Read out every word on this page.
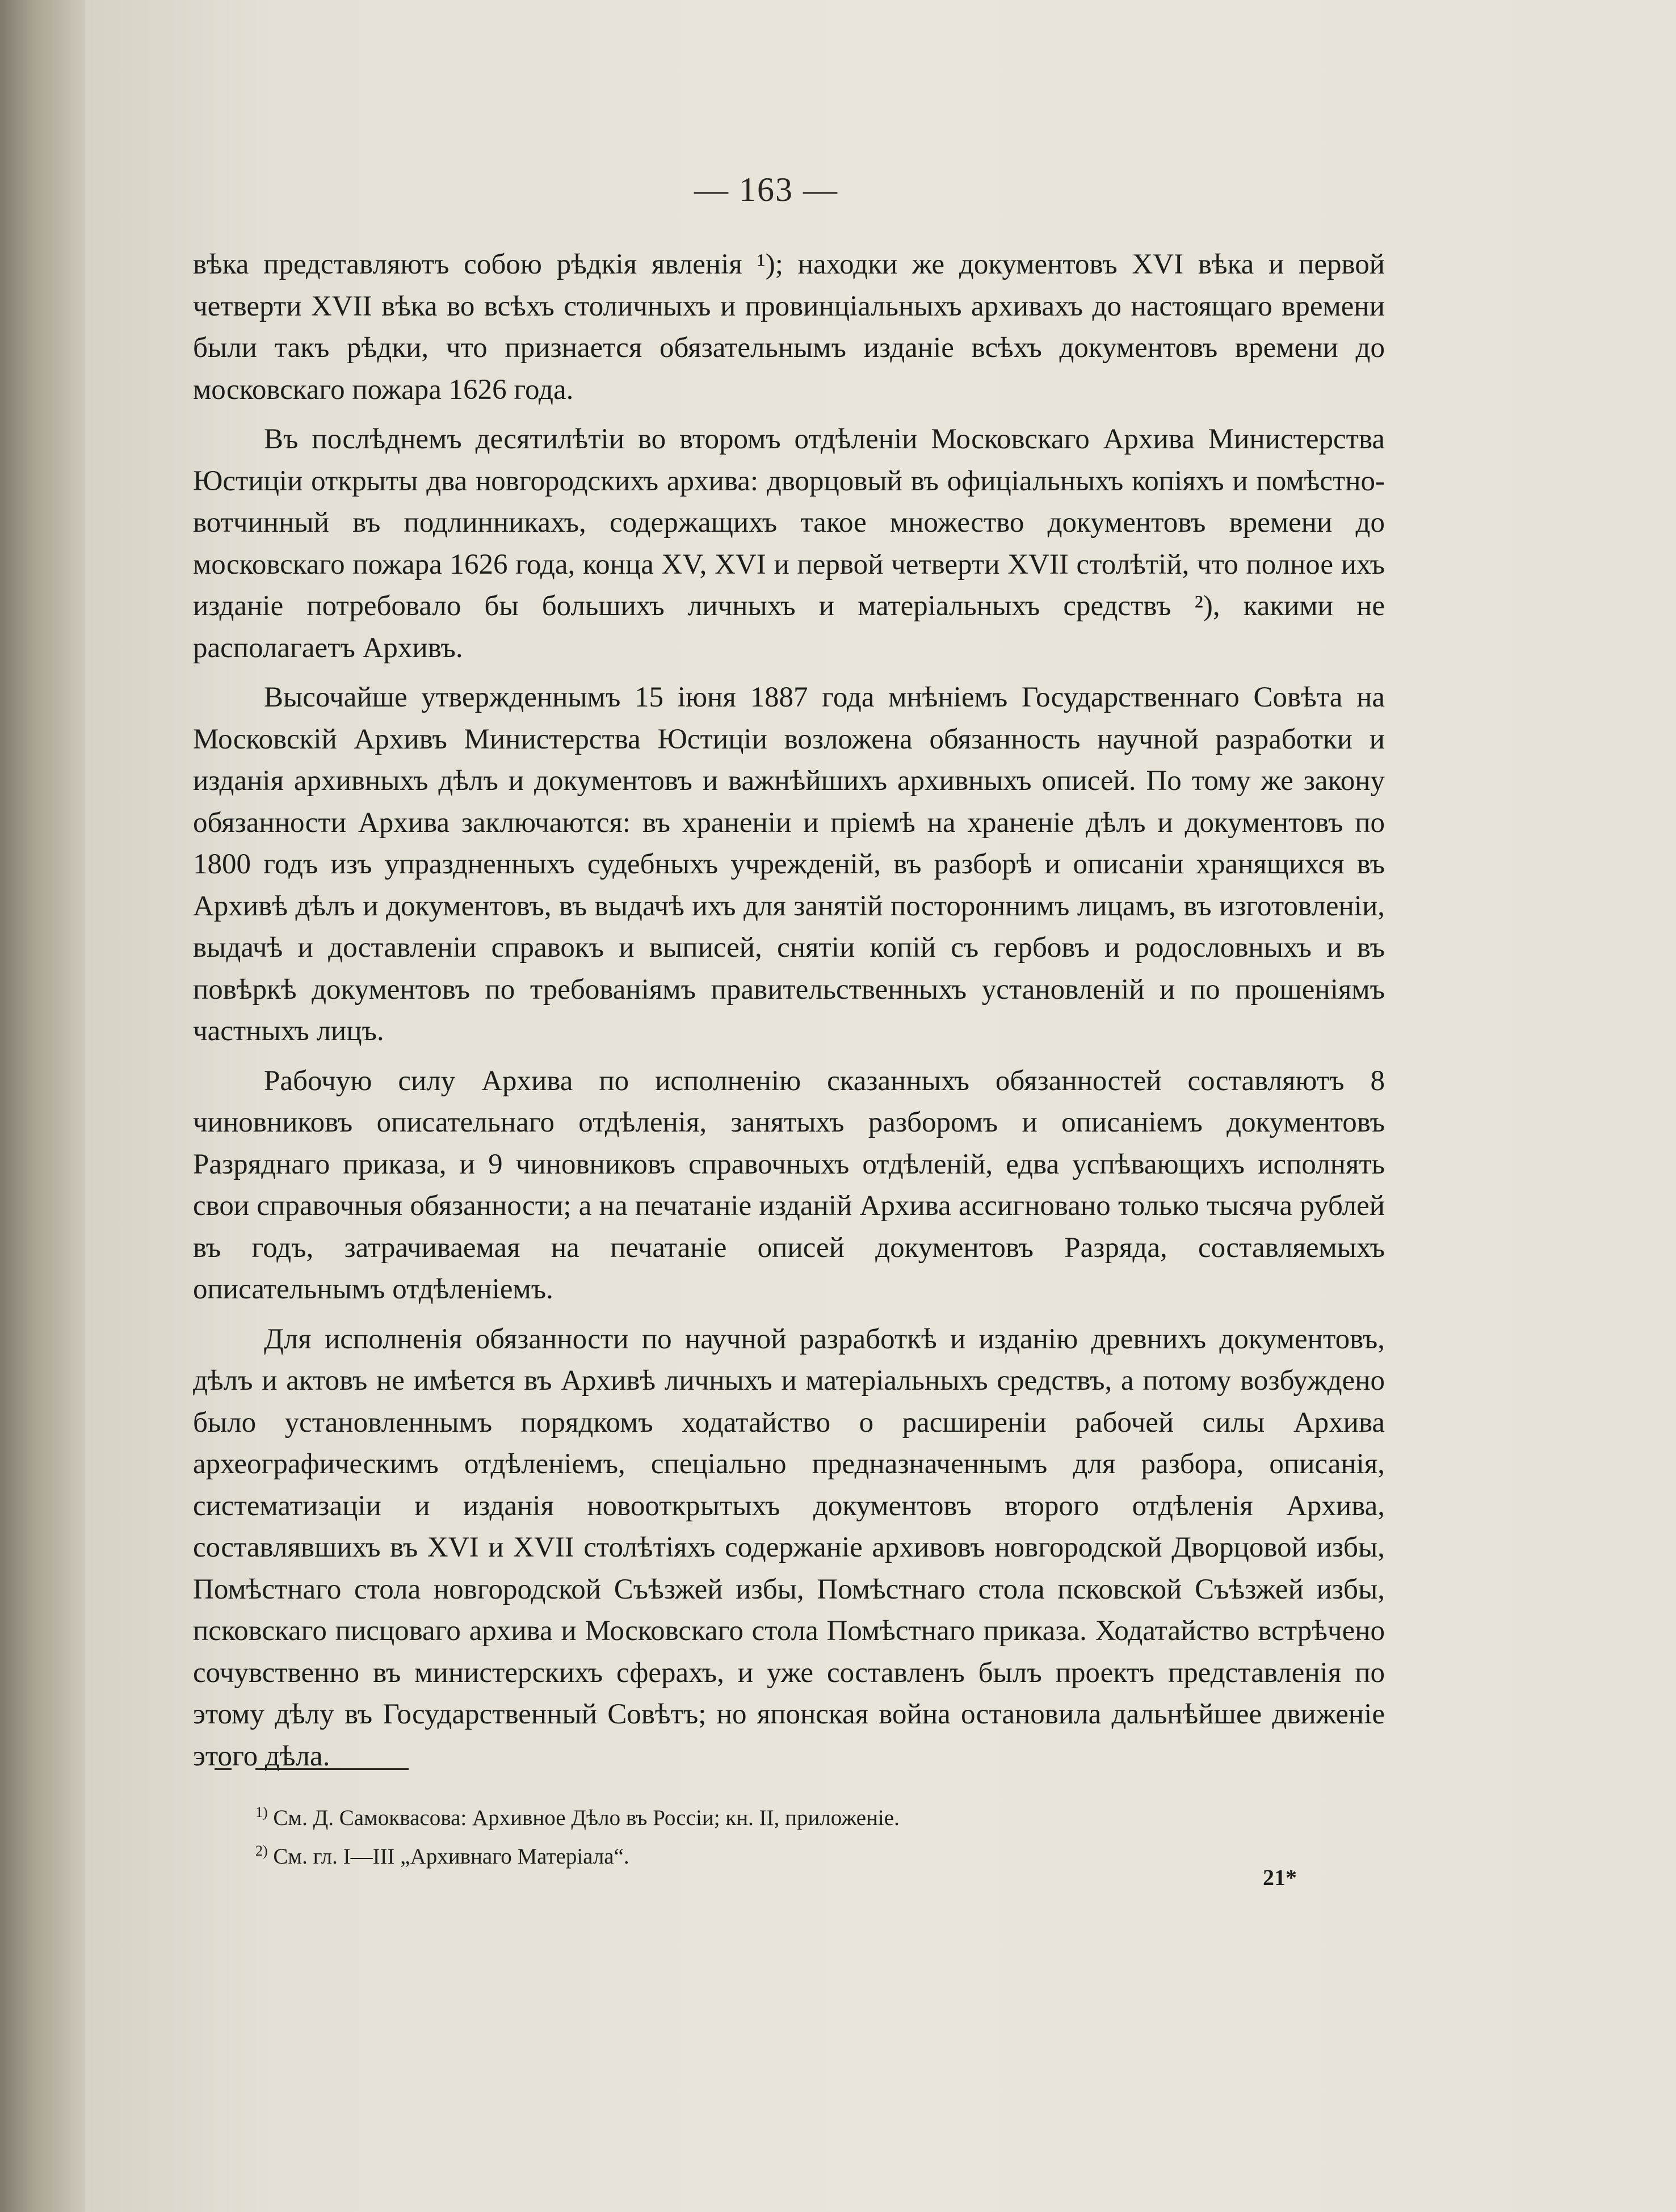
— 163 —

вѣка представляютъ собою рѣдкія явленія ¹); находки же документовъ XVI вѣка и первой четверти XVII вѣка во всѣхъ столичныхъ и провинціальныхъ архивахъ до настоящаго времени были такъ рѣдки, что признается обязательнымъ изданіе всѣхъ документовъ времени до московскаго пожара 1626 года.

Въ послѣднемъ десятилѣтіи во второмъ отдѣленіи Московскаго Архива Министерства Юстиціи открыты два новгородскихъ архива: дворцовый въ офиціальныхъ копіяхъ и помѣстно-вотчинный въ подлинникахъ, содержащихъ такое множество документовъ времени до московскаго пожара 1626 года, конца XV, XVI и первой четверти XVII столѣтій, что полное ихъ изданіе потребовало бы большихъ личныхъ и матеріальныхъ средствъ ²), какими не располагаетъ Архивъ.

Высочайше утвержденнымъ 15 іюня 1887 года мнѣніемъ Государственнаго Совѣта на Московскій Архивъ Министерства Юстиціи возложена обязанность научной разработки и изданія архивныхъ дѣлъ и документовъ и важнѣйшихъ архивныхъ описей. По тому же закону обязанности Архива заключаются: въ храненіи и пріемѣ на храненіе дѣлъ и документовъ по 1800 годъ изъ упраздненныхъ судебныхъ учрежденій, въ разборѣ и описаніи хранящихся въ Архивѣ дѣлъ и документовъ, въ выдачѣ ихъ для занятій постороннимъ лицамъ, въ изготовленіи, выдачѣ и доставленіи справокъ и выписей, снятіи копій съ гербовъ и родословныхъ и въ повѣркѣ документовъ по требованіямъ правительственныхъ установленій и по прошеніямъ частныхъ лицъ.

Рабочую силу Архива по исполненію сказанныхъ обязанностей составляютъ 8 чиновниковъ описательнаго отдѣленія, занятыхъ разборомъ и описаніемъ документовъ Разряднаго приказа, и 9 чиновниковъ справочныхъ отдѣленій, едва успѣвающихъ исполнять свои справочныя обязанности; а на печатаніе изданій Архива ассигновано только тысяча рублей въ годъ, затрачиваемая на печатаніе описей документовъ Разряда, составляемыхъ описательнымъ отдѣленіемъ.

Для исполненія обязанности по научной разработкѣ и изданію древнихъ документовъ, дѣлъ и актовъ не имѣется въ Архивѣ личныхъ и матеріальныхъ средствъ, а потому возбуждено было установленнымъ порядкомъ ходатайство о расширеніи рабочей силы Архива археографическимъ отдѣленіемъ, спеціально предназначеннымъ для разбора, описанія, систематизаціи и изданія новооткрытыхъ документовъ второго отдѣленія Архива, составлявшихъ въ XVI и XVII столѣтіяхъ содержаніе архивовъ новгородской Дворцовой избы, Помѣстнаго стола новгородской Съѣзжей избы, Помѣстнаго стола псковской Съѣзжей избы, псковскаго писцоваго архива и Московскаго стола Помѣстнаго приказа. Ходатайство встрѣчено сочувственно въ министерскихъ сферахъ, и уже составленъ былъ проектъ представленія по этому дѣлу въ Государственный Совѣтъ; но японская война остановила дальнѣйшее движеніе этого дѣла.

$^{1)}$ См. Д. Самоквасова: Архивное Дѣло въ Россіи; кн. II, приложеніе.

$^{2)}$ См. гл. I—III „Архивнаго Матеріала“.

21*
